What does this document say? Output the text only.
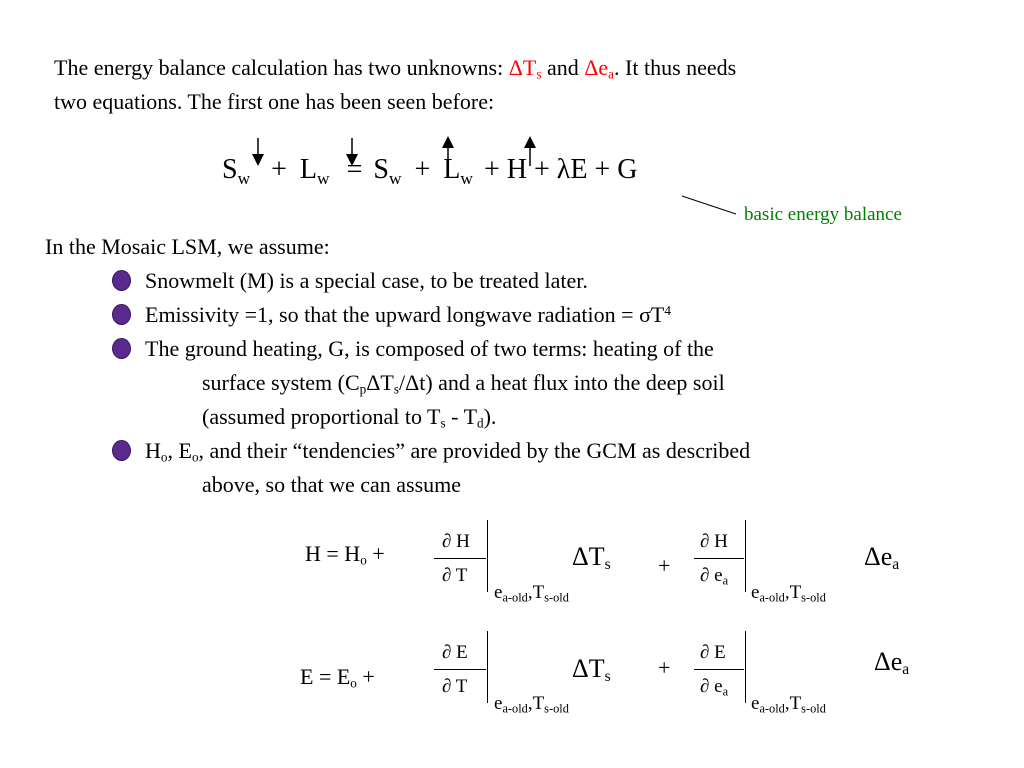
The energy balance calculation has two unknowns: $\Delta T_s$ and $\Delta e_a$. It thus needs
two equations. The first one has been seen before:
$S_w + L_w = S_w + L_w + H + \lambda E + G$
basic energy balance
In the Mosaic LSM, we assume:
Snowmelt (M) is a special case, to be treated later.
Emissivity =1, so that the upward longwave radiation = $\sigma T^4$
The ground heating, G, is composed of two terms: heating of the
surface system $(C_p\Delta T_s/\Delta t)$ and a heat flux into the deep soil
(assumed proportional to $T_s - T_d$).
$H_o$, $E_o$, and their “tendencies” are provided by the GCM as described
above, so that we can assume
$H = H_o$ +	∂ H
∂ T
$e_{a-old},T_{s-old}$
$\Delta T_s$ +
∂ H
∂ $e_a$
$e_{a-old},T_{s-old}$
$\Delta e_a$
$E = E_o$ +
∂ E
∂ T
$e_{a-old},T_{s-old}$
$\Delta T_s$ +
∂ E
∂ $e_a$
$e_{a-old},T_{s-old}$
$\Delta e_a$
